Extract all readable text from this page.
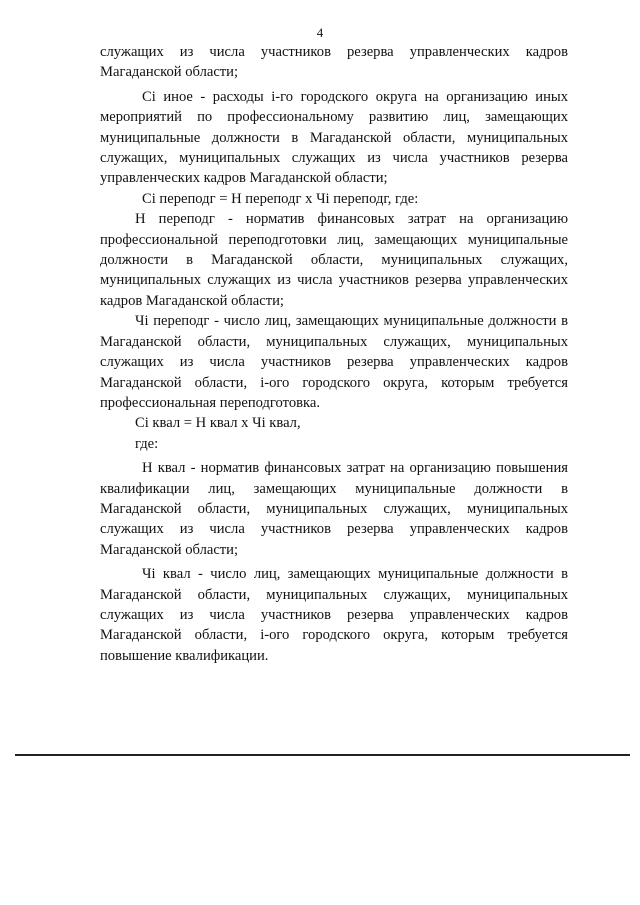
4

служащих из числа участников резерва управленческих кадров Магаданской области;

Ci иное - расходы i-го городского округа на организацию иных мероприятий по профессиональному развитию лиц, замещающих муниципальные должности в Магаданской области, муниципальных служащих, муниципальных служащих из числа участников резерва управленческих кадров Магаданской области;

Ci переподг = Н переподг х Чi переподг, где:

Н переподг - норматив финансовых затрат на организацию профессиональной переподготовки лиц, замещающих муниципальные должности в Магаданской области, муниципальных служащих, муниципальных служащих из числа участников резерва управленческих кадров Магаданской области;

Чi переподг - число лиц, замещающих муниципальные должности в Магаданской области, муниципальных служащих, муниципальных служащих из числа участников резерва управленческих кадров Магаданской области, i-ого городского округа, которым требуется профессиональная переподготовка.

Ci квал = Н квал х Чi квал,

где:

Н квал - норматив финансовых затрат на организацию повышения квалификации лиц, замещающих муниципальные должности в Магаданской области, муниципальных служащих, муниципальных служащих из числа участников резерва управленческих кадров Магаданской области;

Чi квал - число лиц, замещающих муниципальные должности в Магаданской области, муниципальных служащих, муниципальных служащих из числа участников резерва управленческих кадров Магаданской области, i-ого городского округа, которым требуется повышение квалификации.
